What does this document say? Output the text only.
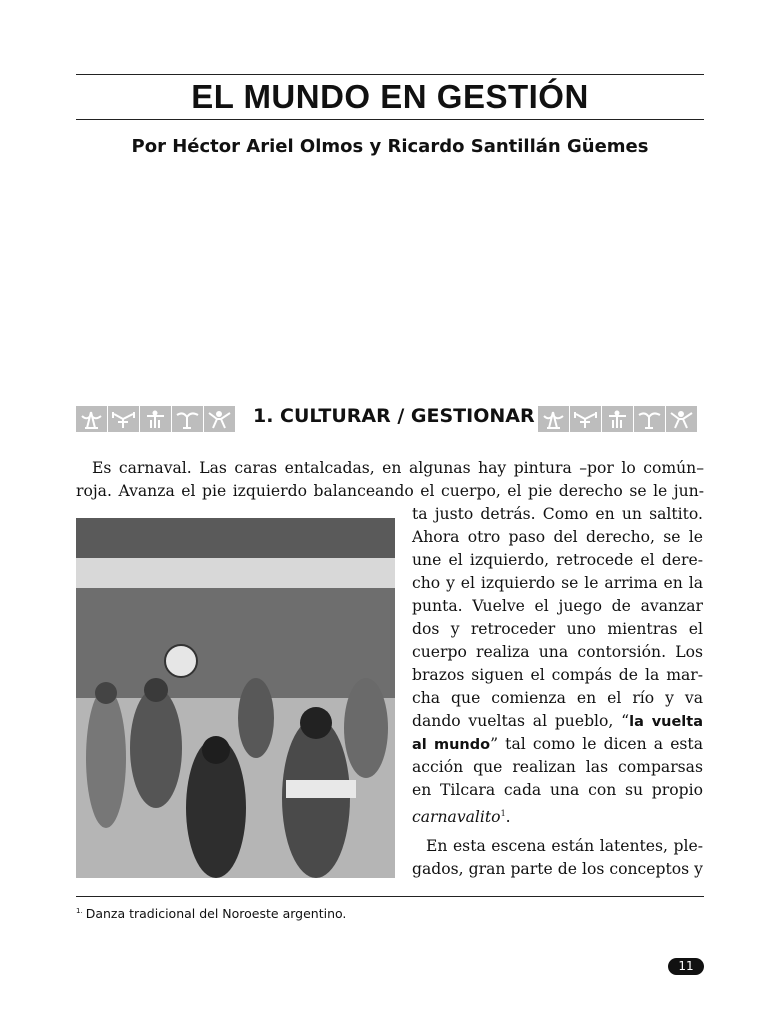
EL MUNDO EN GESTIÓN
Por Héctor Ariel Olmos y Ricardo Santillán Güemes
1. CULTURAR / GESTIONAR
Es carnaval. Las caras entalcadas, en algunas hay pintura –por lo común–
roja. Avanza el pie izquierdo balanceando el cuerpo, el pie derecho se le jun-
ta justo detrás. Como en un saltito.
Ahora otro paso del derecho, se le
une el izquierdo, retrocede el dere-
cho y el izquierdo se le arrima en la
punta. Vuelve el juego de avanzar
dos y retroceder uno mientras el
cuerpo realiza una contorsión. Los
brazos siguen el compás de la mar-
cha que comienza en el río y va
dando vueltas al pueblo, “la vuelta
al mundo” tal como le dicen a esta
acción que realizan las comparsas
en Tilcara cada una con su propio
carnavalito$^1$.
En esta escena están latentes, ple-
gados, gran parte de los conceptos y
$^{1.}$ Danza tradicional del Noroeste argentino.
11
